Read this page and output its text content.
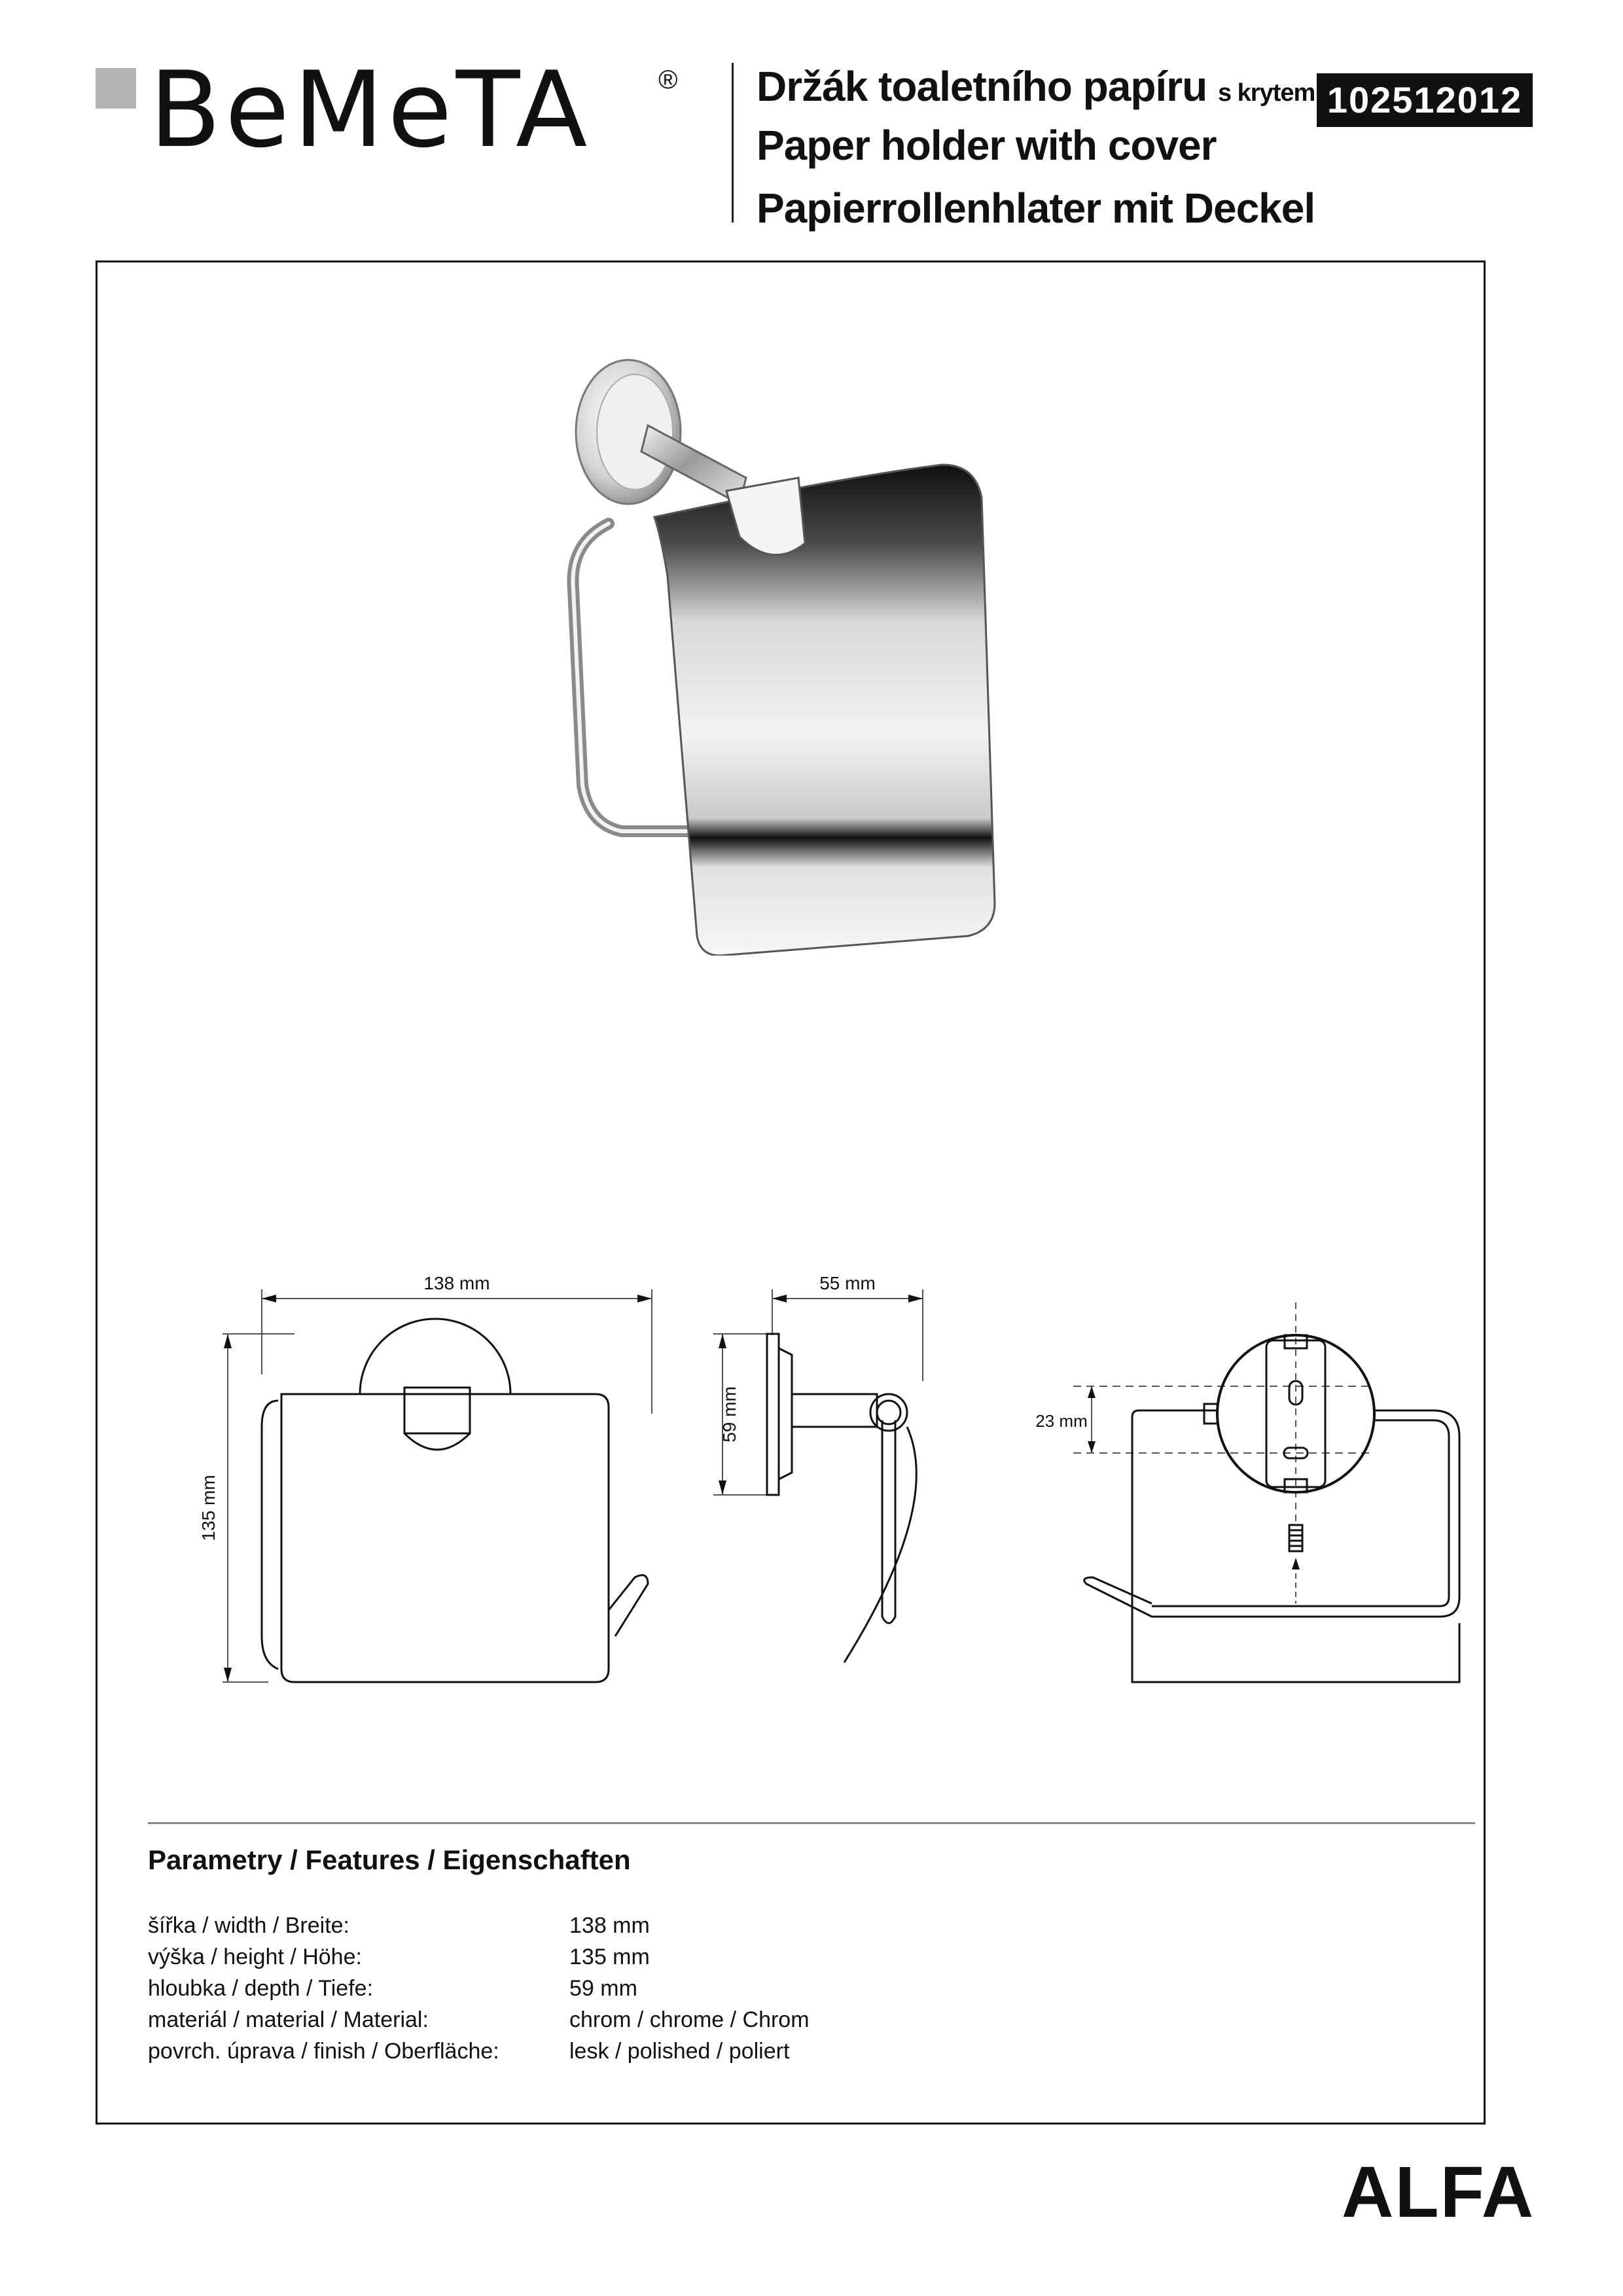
BeMeTA	® Držák toaletního papíru s krytem
Paper holder with cover
Papierrollenhlater mit Deckel
102512012
138 mm
135 mm
55 mm
59 mm	23 mm
Parametry / Features / Eigenschaften
šířka / width / Breite:	138 mm
výška / height / Höhe:	135 mm
hloubka / depth / Tiefe:	59 mm
materiál / material / Material:	chrom / chrome / Chrom
povrch. úprava / finish / Oberfläche:	lesk / polished / poliert
ALFA
